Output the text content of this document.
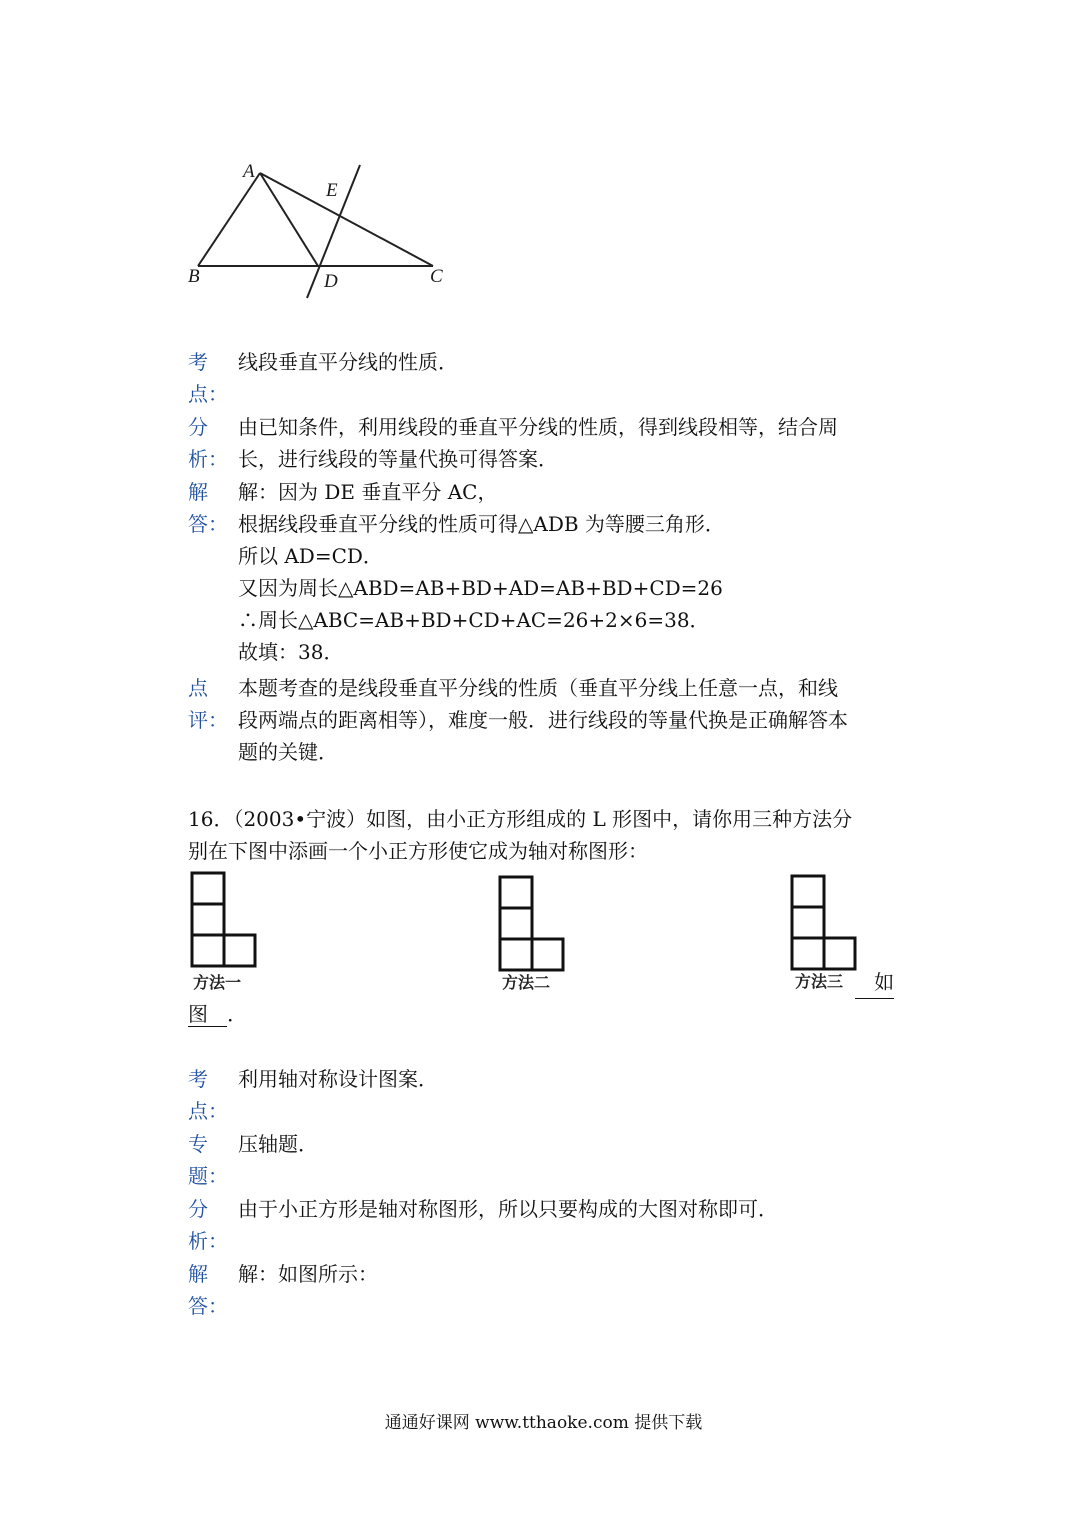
A
E
B	D	C
考
点：
线段垂直平分线的性质．
分
析：
由已知条件，利用线段的垂直平分线的性质，得到线段相等，结合周
长，进行线段的等量代换可得答案．
解
答：
解：因为 DE 垂直平分 AC，
根据线段垂直平分线的性质可得△ADB 为等腰三角形．
所以 AD=CD．
又因为周长△ABD=AB+BD+AD=AB+BD+CD=26
∴周长△ABC=AB+BD+CD+AC=26+2×6=38．
故填：38．
点
评：
本题考查的是线段垂直平分线的性质（垂直平分线上任意一点，和线
段两端点的距离相等），难度一般．进行线段的等量代换是正确解答本
题的关键．
16．（2003•宁波）如图，由小正方形组成的 L 形图中，请你用三种方法分
别在下图中添画一个小正方形使它成为轴对称图形：
方法一	方法二	方法三	如
图 ．
考
点：
利用轴对称设计图案．
专
题：
压轴题．
分
析：
由于小正方形是轴对称图形，所以只要构成的大图对称即可．
解
答：
解：如图所示：
通通好课网 www.tthaoke.com 提供下载
